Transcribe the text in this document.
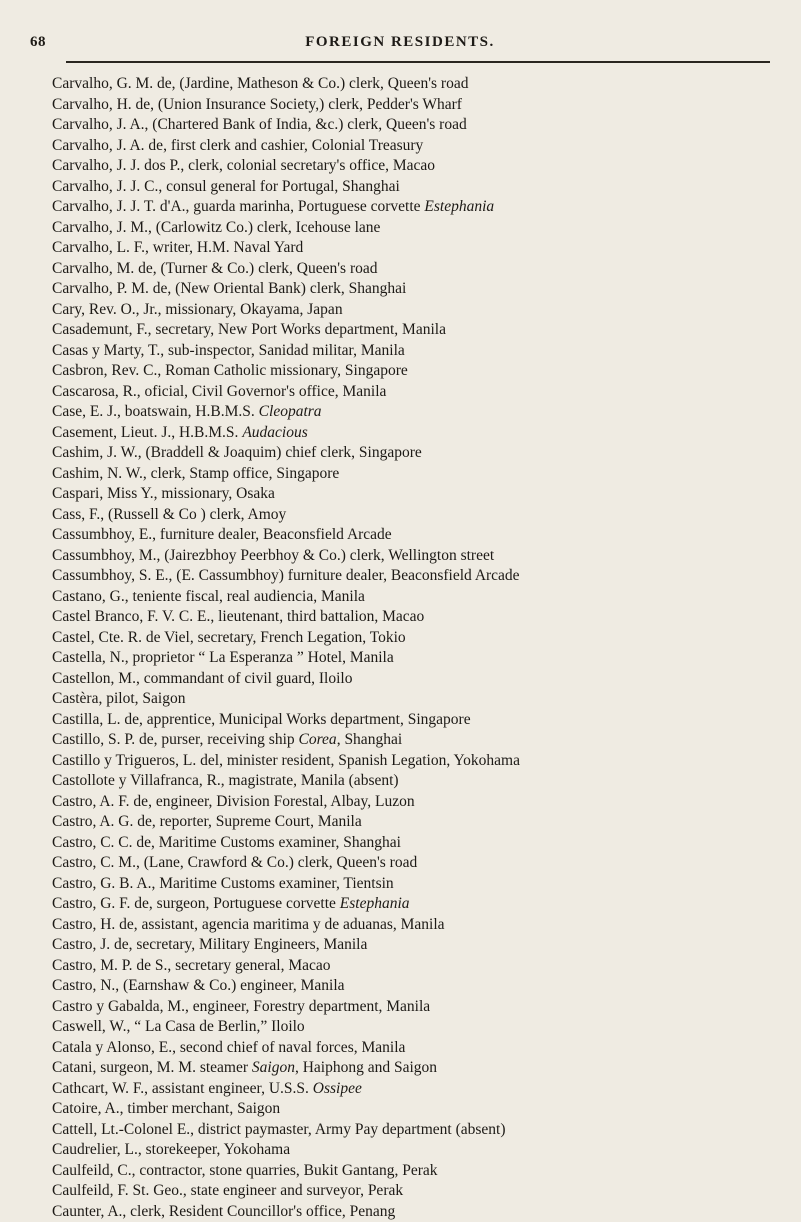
68	FOREIGN RESIDENTS.
Carvalho, G. M. de, (Jardine, Matheson & Co.) clerk, Queen's road
Carvalho, H. de, (Union Insurance Society,) clerk, Pedder's Wharf
Carvalho, J. A., (Chartered Bank of India, &c.) clerk, Queen's road
Carvalho, J. A. de, first clerk and cashier, Colonial Treasury
Carvalho, J. J. dos P., clerk, colonial secretary's office, Macao
Carvalho, J. J. C., consul general for Portugal, Shanghai
Carvalho, J. J. T. d'A., guarda marinha, Portuguese corvette Estephania
Carvalho, J. M., (Carlowitz Co.) clerk, Icehouse lane
Carvalho, L. F., writer, H.M. Naval Yard
Carvalho, M. de, (Turner & Co.) clerk, Queen's road
Carvalho, P. M. de, (New Oriental Bank) clerk, Shanghai
Cary, Rev. O., Jr., missionary, Okayama, Japan
Casademunt, F., secretary, New Port Works department, Manila
Casas y Marty, T., sub-inspector, Sanidad militar, Manila
Casbron, Rev. C., Roman Catholic missionary, Singapore
Cascarosa, R., oficial, Civil Governor's office, Manila
Case, E. J., boatswain, H.B.M.S. Cleopatra
Casement, Lieut. J., H.B.M.S. Audacious
Cashim, J. W., (Braddell & Joaquim) chief clerk, Singapore
Cashim, N. W., clerk, Stamp office, Singapore
Caspari, Miss Y., missionary, Osaka
Cass, F., (Russell & Co ) clerk, Amoy
Cassumbhoy, E., furniture dealer, Beaconsfield Arcade
Cassumbhoy, M., (Jairezbhoy Peerbhoy & Co.) clerk, Wellington street
Cassumbhoy, S. E., (E. Cassumbhoy) furniture dealer, Beaconsfield Arcade
Castano, G., teniente fiscal, real audiencia, Manila
Castel Branco, F. V. C. E., lieutenant, third battalion, Macao
Castel, Cte. R. de Viel, secretary, French Legation, Tokio
Castella, N., proprietor “ La Esperanza ” Hotel, Manila
Castellon, M., commandant of civil guard, Iloilo
Castèra, pilot, Saigon
Castilla, L. de, apprentice, Municipal Works department, Singapore
Castillo, S. P. de, purser, receiving ship Corea, Shanghai
Castillo y Trigueros, L. del, minister resident, Spanish Legation, Yokohama
Castollote y Villafranca, R., magistrate, Manila (absent)
Castro, A. F. de, engineer, Division Forestal, Albay, Luzon
Castro, A. G. de, reporter, Supreme Court, Manila
Castro, C. C. de, Maritime Customs examiner, Shanghai
Castro, C. M., (Lane, Crawford & Co.) clerk, Queen's road
Castro, G. B. A., Maritime Customs examiner, Tientsin
Castro, G. F. de, surgeon, Portuguese corvette Estephania
Castro, H. de, assistant, agencia maritima y de aduanas, Manila
Castro, J. de, secretary, Military Engineers, Manila
Castro, M. P. de S., secretary general, Macao
Castro, N., (Earnshaw & Co.) engineer, Manila
Castro y Gabalda, M., engineer, Forestry department, Manila
Caswell, W., “ La Casa de Berlin,” Iloilo
Catala y Alonso, E., second chief of naval forces, Manila
Catani, surgeon, M. M. steamer Saigon, Haiphong and Saigon
Cathcart, W. F., assistant engineer, U.S.S. Ossipee
Catoire, A., timber merchant, Saigon
Cattell, Lt.-Colonel E., district paymaster, Army Pay department (absent)
Caudrelier, L., storekeeper, Yokohama
Caulfeild, C., contractor, stone quarries, Bukit Gantang, Perak
Caulfeild, F. St. Geo., state engineer and surveyor, Perak
Caunter, A., clerk, Resident Councillor's office, Penang
